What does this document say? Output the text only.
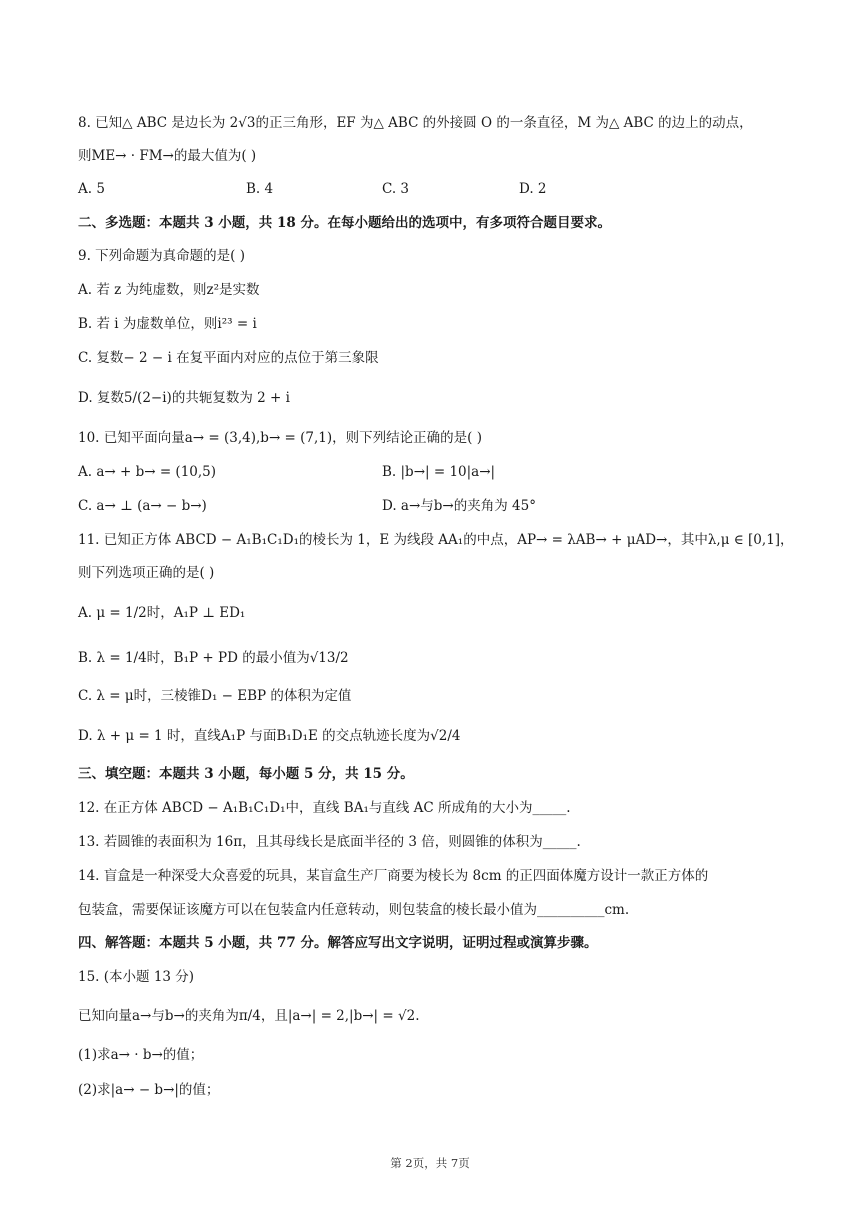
8. 已知△ ABC 是边长为 2√3的正三角形，EF 为△ ABC 的外接圆 O 的一条直径，M 为△ ABC 的边上的动点，
则ME→ · FM→的最大值为( )
A. 5	B. 4	C. 3	D. 2
二、多选题：本题共 3 小题，共 18 分。在每小题给出的选项中，有多项符合题目要求。
9. 下列命题为真命题的是( )
A. 若 z 为纯虚数，则z²是实数
B. 若 i 为虚数单位，则i²³ = i
C. 复数− 2 − i 在复平面内对应的点位于第三象限
D. 复数5/(2−i)的共轭复数为 2 + i
10. 已知平面向量a→ = (3,4),b→ = (7,1)，则下列结论正确的是( )
A. a→ + b→ = (10,5)	B. |b→| = 10|a→|
C. a→ ⊥ (a→ − b→)	D. a→与b→的夹角为 45°
11. 已知正方体 ABCD − A₁B₁C₁D₁的棱长为 1，E 为线段 AA₁的中点，AP→ = λAB→ + μAD→，其中λ,μ ∈ [0,1]，
则下列选项正确的是( )
A. μ = 1/2时，A₁P ⊥ ED₁
B. λ = 1/4时，B₁P + PD 的最小值为√13/2
C. λ = μ时，三棱锥D₁ − EBP 的体积为定值
D. λ + μ = 1 时，直线A₁P 与面B₁D₁E 的交点轨迹长度为√2/4
三、填空题：本题共 3 小题，每小题 5 分，共 15 分。
12. 在正方体 ABCD − A₁B₁C₁D₁中，直线 BA₁与直线 AC 所成角的大小为_____.
13. 若圆锥的表面积为 16π，且其母线长是底面半径的 3 倍，则圆锥的体积为_____.
14. 盲盒是一种深受大众喜爱的玩具，某盲盒生产厂商要为棱长为 8cm 的正四面体魔方设计一款正方体的
包装盒，需要保证该魔方可以在包装盒内任意转动，则包装盒的棱长最小值为__________cm.
四、解答题：本题共 5 小题，共 77 分。解答应写出文字说明，证明过程或演算步骤。
15. (本小题 13 分)
已知向量a→与b→的夹角为π/4，且|a→| = 2,|b→| = √2.
(1)求a→ · b→的值；
(2)求|a→ − b→|的值；
第 2页，共 7页
